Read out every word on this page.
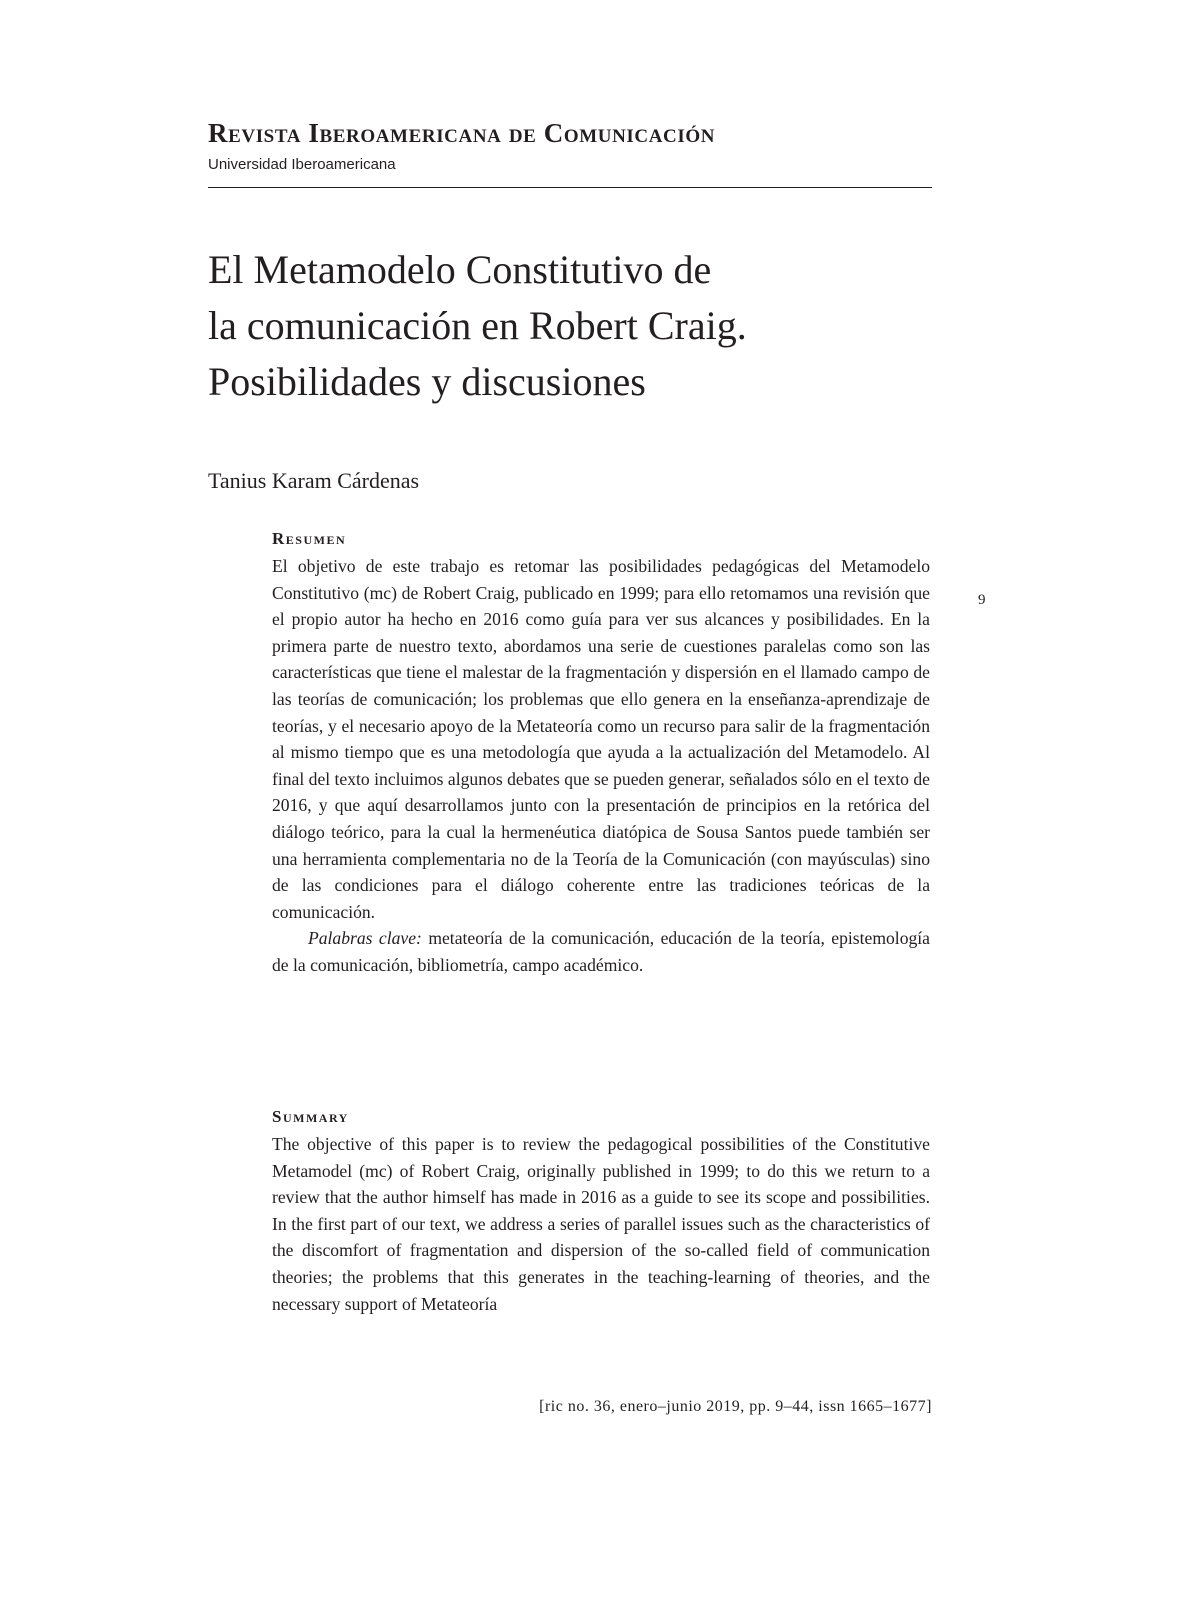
Revista Iberoamericana de Comunicación
Universidad Iberoamericana
El Metamodelo Constitutivo de
la comunicación en Robert Craig.
Posibilidades y discusiones
Tanius Karam Cárdenas
9
Resumen

El objetivo de este trabajo es retomar las posibilidades pedagógicas del Metamodelo Constitutivo (mc) de Robert Craig, publicado en 1999; para ello retomamos una revisión que el propio autor ha hecho en 2016 como guía para ver sus alcances y posibilidades. En la primera parte de nuestro texto, abordamos una serie de cuestiones paralelas como son las características que tiene el malestar de la fragmentación y dispersión en el llamado campo de las teorías de comunicación; los problemas que ello genera en la enseñanza-aprendizaje de teorías, y el necesario apoyo de la Metateoría como un recurso para salir de la fragmentación al mismo tiempo que es una metodología que ayuda a la actualización del Metamodelo. Al final del texto incluimos algunos debates que se pueden generar, señalados sólo en el texto de 2016, y que aquí desarrollamos junto con la presentación de principios en la retórica del diálogo teórico, para la cual la hermenéutica diatópica de Sousa Santos puede también ser una herramienta complementaria no de la Teoría de la Comunicación (con mayúsculas) sino de las condiciones para el diálogo coherente entre las tradiciones teóricas de la comunicación.

Palabras clave: metateoría de la comunicación, educación de la teoría, epistemología de la comunicación, bibliometría, campo académico.

Summary

The objective of this paper is to review the pedagogical possibilities of the Constitutive Metamodel (mc) of Robert Craig, originally published in 1999; to do this we return to a review that the author himself has made in 2016 as a guide to see its scope and possibilities. In the first part of our text, we address a series of parallel issues such as the characteristics of the discomfort of fragmentation and dispersion of the so-called field of communication theories; the problems that this generates in the teaching-learning of theories, and the necessary support of Metateoría

[ric no. 36, enero–junio 2019, pp. 9–44, issn 1665–1677]
